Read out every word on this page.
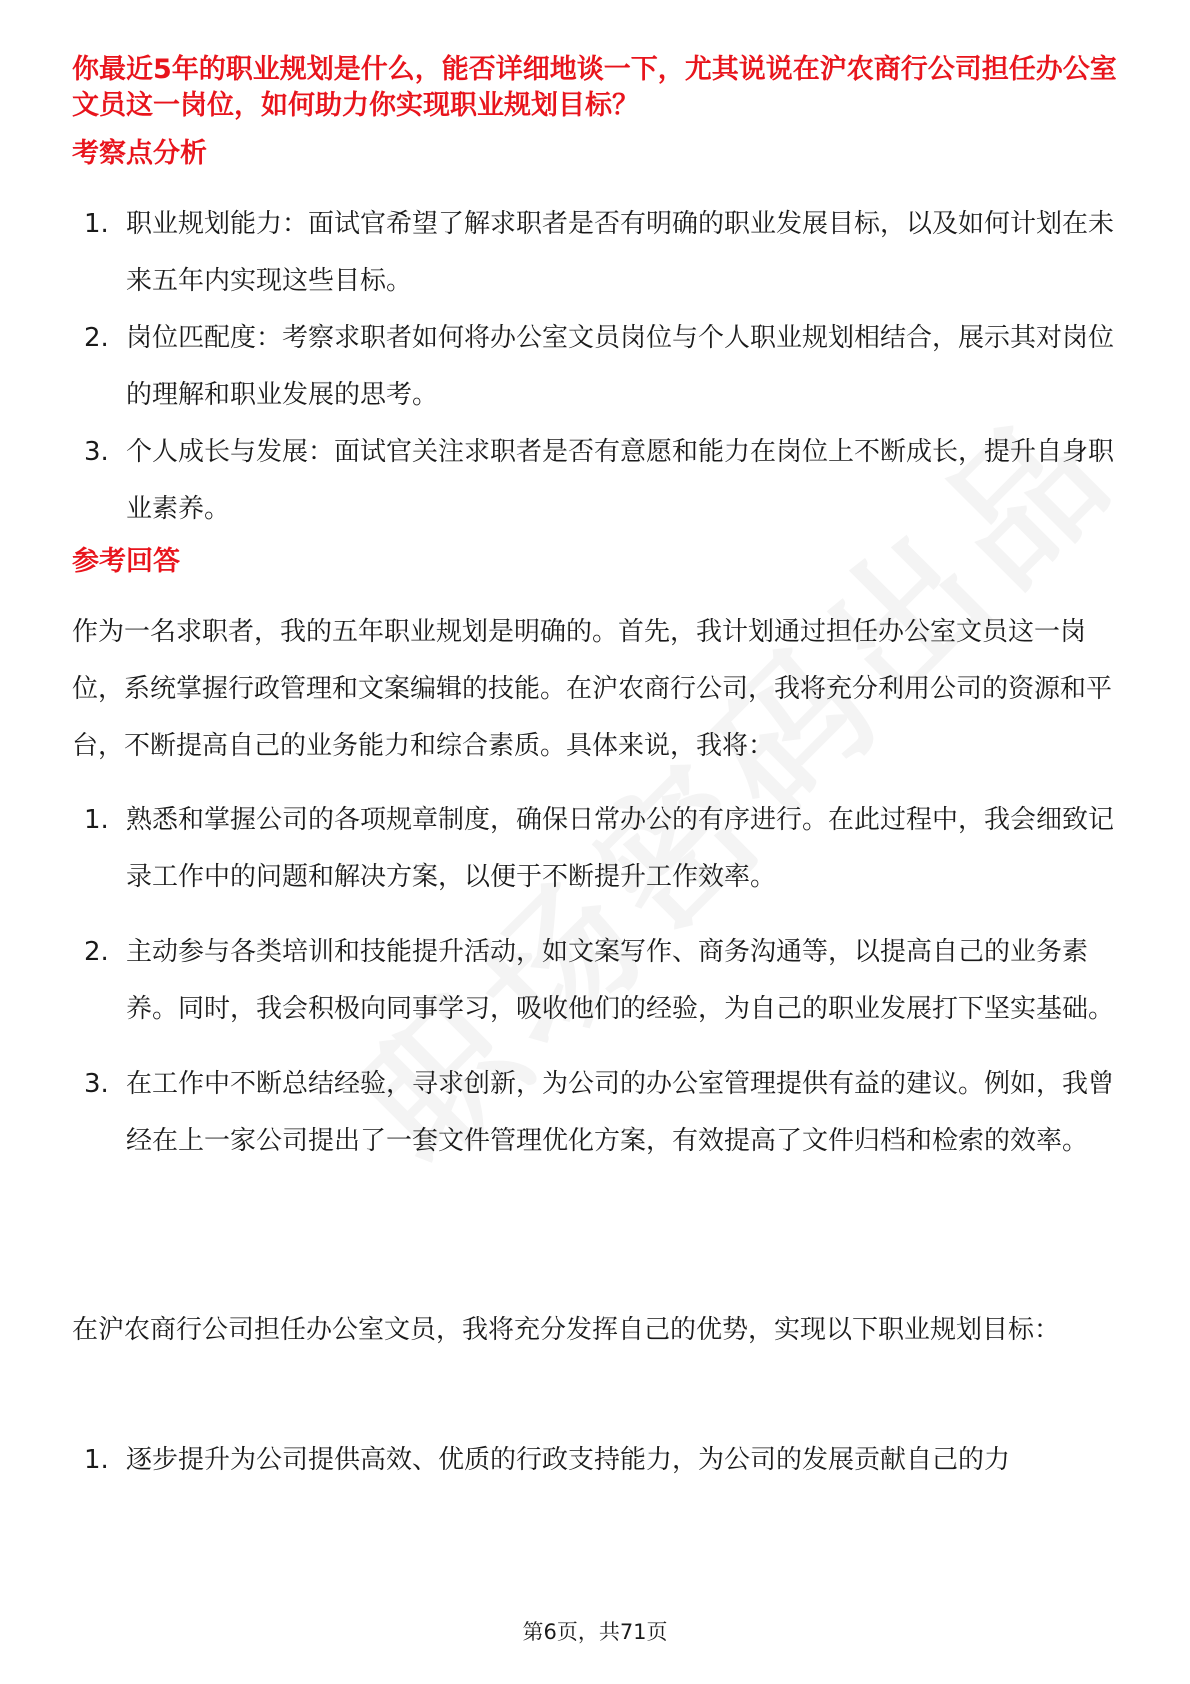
你最近5年的职业规划是什么，能否详细地谈一下，尤其说说在沪农商行公司担任办公室文员这一岗位，如何助力你实现职业规划目标？
考察点分析
1. 职业规划能力：面试官希望了解求职者是否有明确的职业发展目标，以及如何计划在未来五年内实现这些目标。
2. 岗位匹配度：考察求职者如何将办公室文员岗位与个人职业规划相结合，展示其对岗位的理解和职业发展的思考。
3. 个人成长与发展：面试官关注求职者是否有意愿和能力在岗位上不断成长，提升自身职业素养。
参考回答

作为一名求职者，我的五年职业规划是明确的。首先，我计划通过担任办公室文员这一岗位，系统掌握行政管理和文案编辑的技能。在沪农商行公司，我将充分利用公司的资源和平台，不断提高自己的业务能力和综合素质。具体来说，我将：

1. 熟悉和掌握公司的各项规章制度，确保日常办公的有序进行。在此过程中，我会细致记录工作中的问题和解决方案，以便于不断提升工作效率。
2. 主动参与各类培训和技能提升活动，如文案写作、商务沟通等，以提高自己的业务素养。同时，我会积极向同事学习，吸收他们的经验，为自己的职业发展打下坚实基础。
3. 在工作中不断总结经验，寻求创新，为公司的办公室管理提供有益的建议。例如，我曾经在上一家公司提出了一套文件管理优化方案，有效提高了文件归档和检索的效率。

在沪农商行公司担任办公室文员，我将充分发挥自己的优势，实现以下职业规划目标：

1. 逐步提升为公司提供高效、优质的行政支持能力，为公司的发展贡献自己的力
第6页，共71页
